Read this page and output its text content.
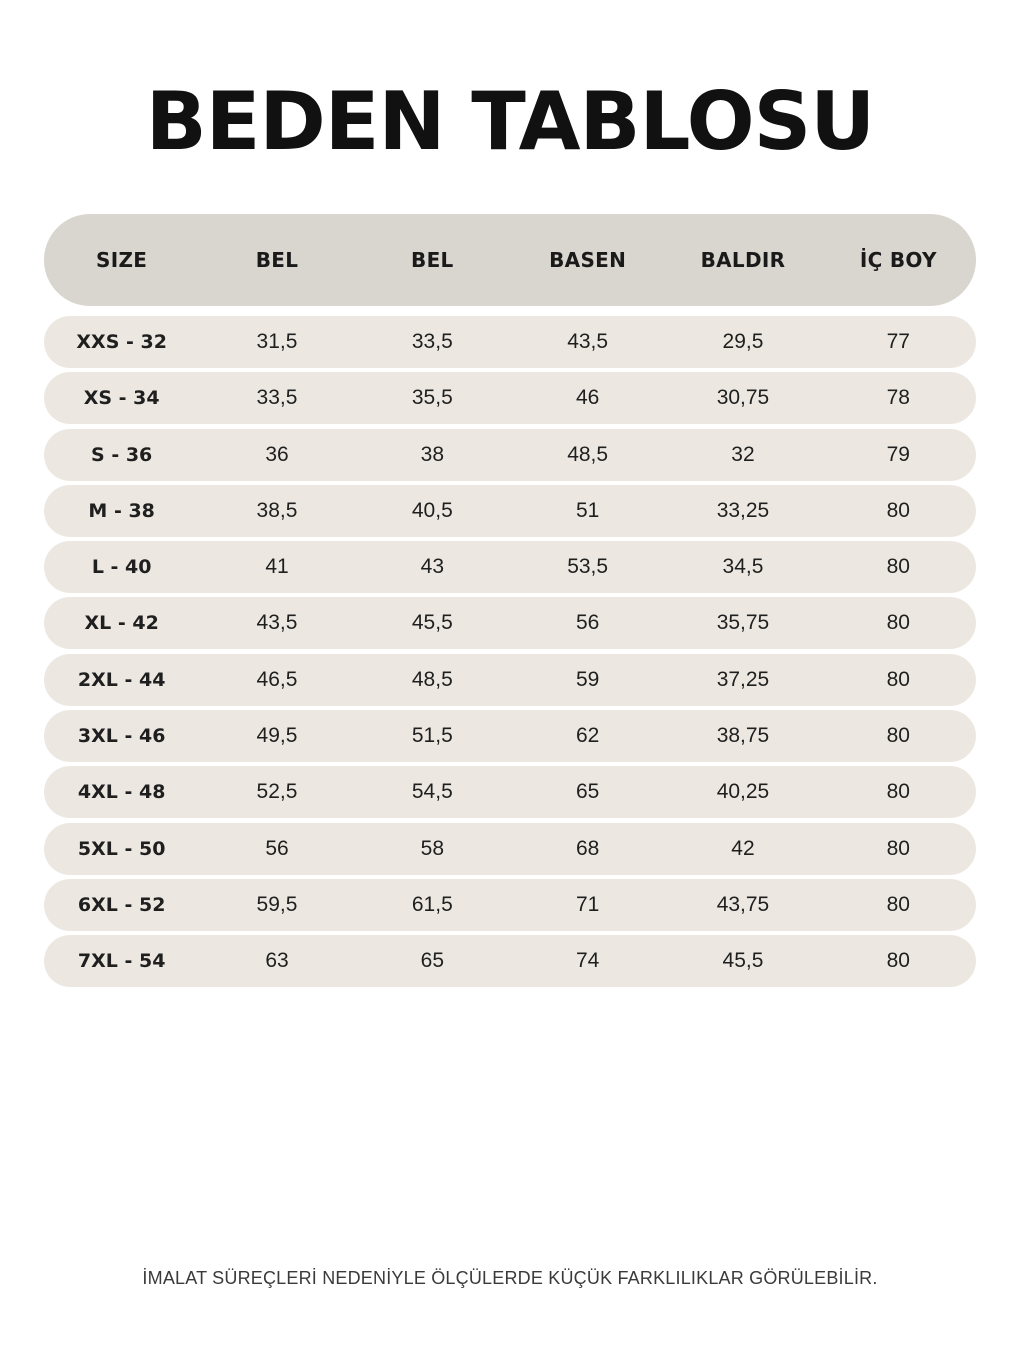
BEDEN TABLOSU
SIZE	BEL	BEL	BASEN	BALDIR	İÇ BOY
XXS - 32	31,5	33,5	43,5	29,5	77
XS - 34	33,5	35,5	46	30,75	78
S - 36	36	38	48,5	32	79
M - 38	38,5	40,5	51	33,25	80
L - 40	41	43	53,5	34,5	80
XL - 42	43,5	45,5	56	35,75	80
2XL - 44	46,5	48,5	59	37,25	80
3XL - 46	49,5	51,5	62	38,75	80
4XL - 48	52,5	54,5	65	40,25	80
5XL - 50	56	58	68	42	80
6XL - 52	59,5	61,5	71	43,75	80
7XL - 54	63	65	74	45,5	80
İMALAT SÜREÇLERİ NEDENİYLE ÖLÇÜLERDE KÜÇÜK FARKLILIKLAR GÖRÜLEBİLİR.
